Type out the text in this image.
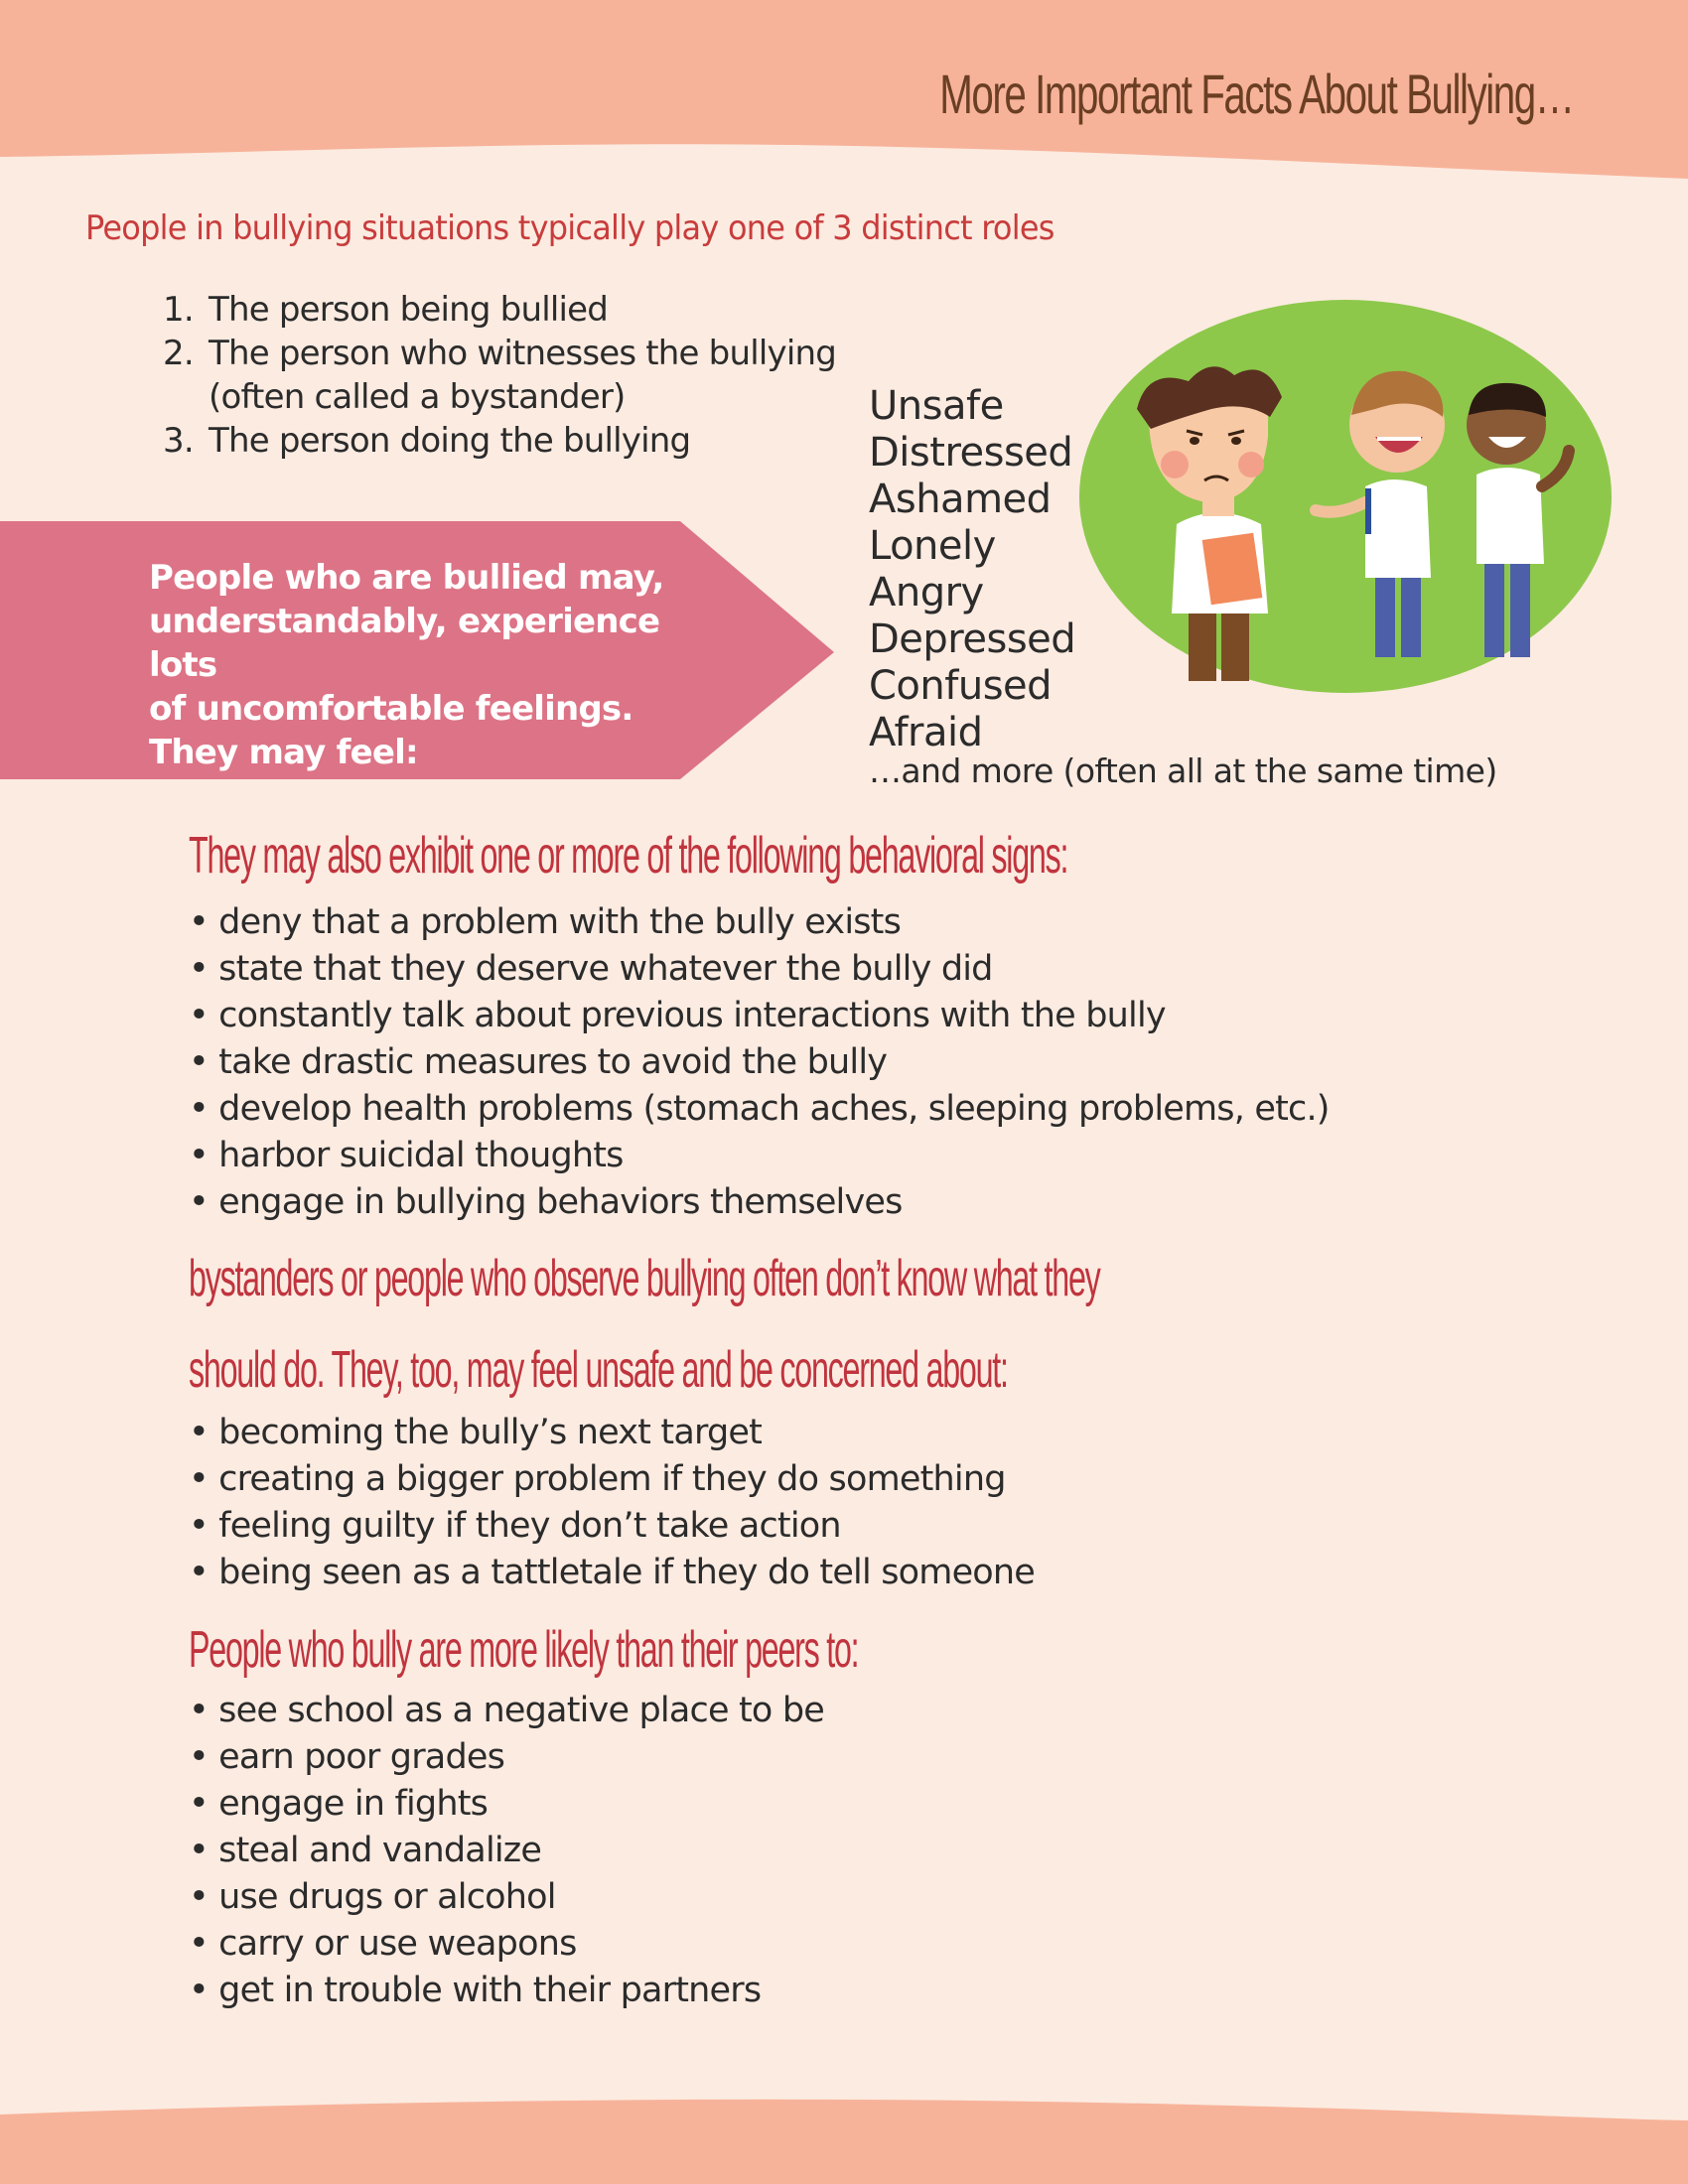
More Important Facts About Bullying…

People in bullying situations typically play one of 3 distinct roles

1. The person being bullied
2. The person who witnesses the bullying
(often called a bystander)
3. The person doing the bullying
People who are bullied may,
understandably, experience lots
of uncomfortable feelings.
They may feel:
Unsafe
Distressed
Ashamed
Lonely
Angry
Depressed
Confused
Afraid
…and more (often all at the same time)
They may also exhibit one or more of the following behavioral signs:
• deny that a problem with the bully exists
• state that they deserve whatever the bully did
• constantly talk about previous interactions with the bully
• take drastic measures to avoid the bully
• develop health problems (stomach aches, sleeping problems, etc.)
• harbor suicidal thoughts
• engage in bullying behaviors themselves
bystanders or people who observe bullying often don’t know what they
should do. They, too, may feel unsafe and be concerned about:
• becoming the bully’s next target
• creating a bigger problem if they do something
• feeling guilty if they don’t take action
• being seen as a tattletale if they do tell someone
People who bully are more likely than their peers to:
• see school as a negative place to be
• earn poor grades
• engage in fights
• steal and vandalize
• use drugs or alcohol
• carry or use weapons
• get in trouble with their partners
